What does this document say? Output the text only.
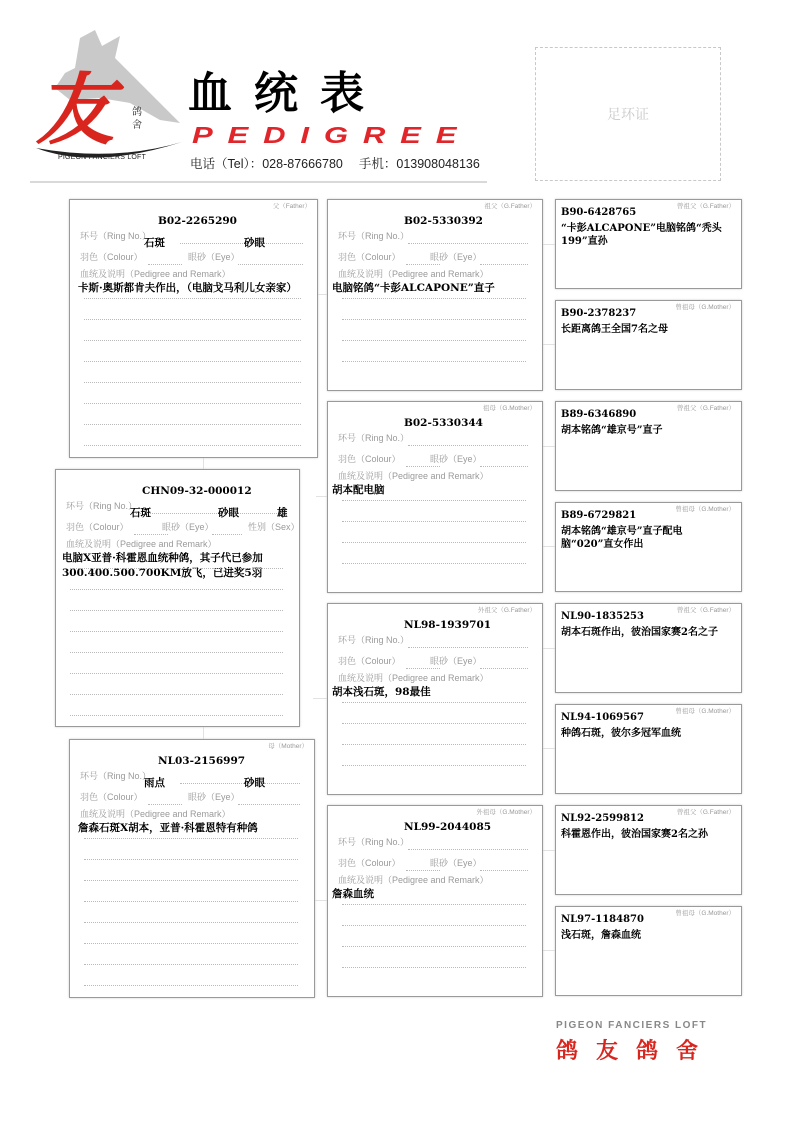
友 鸽舍
PIGEON FANCIERS LOFT
血统表
PEDIGREE
电话（Tel）：028-87666780 手机：013908048136
足环证
父（Father）
B02-2265290
环号（Ring No.）
石斑
羽色（Colour）	眼砂（Eye）
砂眼
血统及说明（Pedigree and Remark）
卡斯·奥斯都肯夫作出，（电脑戈马利儿女亲家）
CHN09-32-000012
环号（Ring No.）
石斑
羽色（Colour）	眼砂（Eye）
砂眼
性别（Sex）
雄
血统及说明（Pedigree and Remark）
电脑X亚普·科霍恩血统种鸽，其子代已参加300.400.500.700KM放飞，已进奖5羽
母（Mother）
NL03-2156997
环号（Ring No.）
雨点
羽色（Colour）	眼砂（Eye）
砂眼
血统及说明（Pedigree and Remark）
詹森石斑X胡本，亚普·科霍恩特有种鸽
祖父（G.Father）
B02-5330392
环号（Ring No.）
羽色（Colour）	眼砂（Eye）
血统及说明（Pedigree and Remark）
电脑铭鸽“卡彭ALCAPONE”直子
祖母（G.Mother）
B02-5330344
环号（Ring No.）
羽色（Colour）	眼砂（Eye）
血统及说明（Pedigree and Remark）
胡本配电脑
外祖父（G.Father）
NL98-1939701
环号（Ring No.）
羽色（Colour）	眼砂（Eye）
血统及说明（Pedigree and Remark）
胡本浅石斑，98最佳
外祖母（G.Mother）
NL99-2044085
环号（Ring No.）
羽色（Colour）	眼砂（Eye）
血统及说明（Pedigree and Remark）
詹森血统
曾祖父（G.Father）
B90-6428765
“卡彭ALCAPONE”电脑铭鸽“秃头199”直孙
曾祖母（G.Mother）
B90-2378237
长距离鸽王全国7名之母
曾祖父（G.Father）
B89-6346890
胡本铭鸽“雄京号”直子
曾祖母（G.Mother）
B89-6729821
胡本铭鸽“雄京号”直子配电脑“020”直女作出
曾祖父（G.Father）
NL90-1835253
胡本石斑作出，彼治国家赛2名之子
曾祖母（G.Mother）
NL94-1069567
种鸽石斑，彼尔多冠军血统
曾祖父（G.Father）
NL92-2599812
科霍恩作出，彼治国家赛2名之孙
曾祖母（G.Mother）
NL97-1184870
浅石斑，詹森血统
PIGEON FANCIERS LOFT
鸽友鸽舍
